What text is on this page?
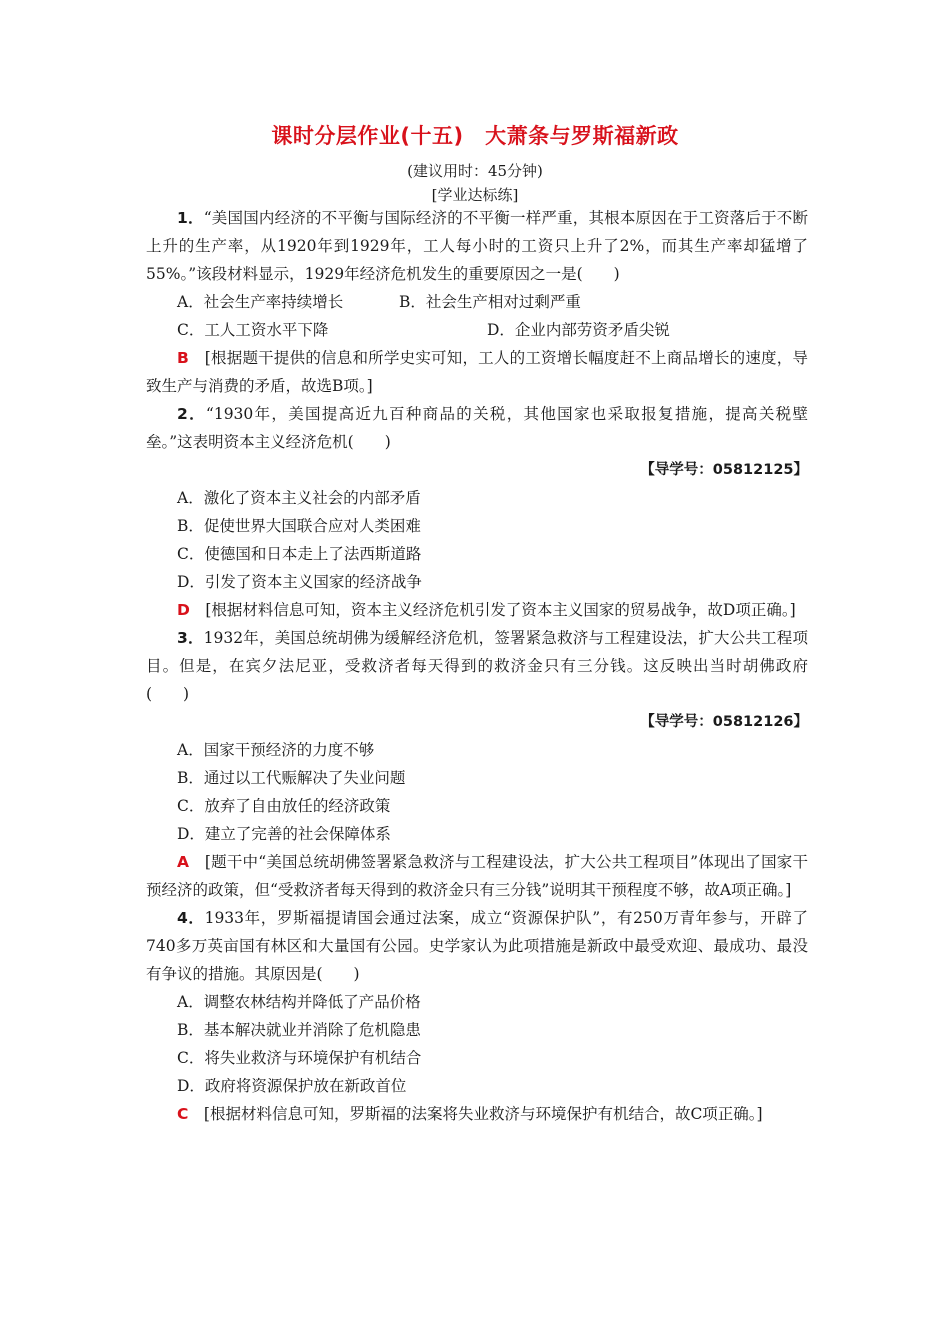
课时分层作业(十五)　大萧条与罗斯福新政
(建议用时：45分钟)
[学业达标练]

1．“美国国内经济的不平衡与国际经济的不平衡一样严重，其根本原因在于工资落后于不断上升的生产率，从1920年到1929年，工人每小时的工资只上升了2%，而其生产率却猛增了55%。”该段材料显示，1929年经济危机发生的重要原因之一是(　　)

A．社会生产率持续增长	B．社会生产相对过剩严重
C．工人工资水平下降	D．企业内部劳资矛盾尖锐

B　[根据题干提供的信息和所学史实可知，工人的工资增长幅度赶不上商品增长的速度，导致生产与消费的矛盾，故选B项。]

2．“1930年，美国提高近九百种商品的关税，其他国家也采取报复措施，提高关税壁垒。”这表明资本主义经济危机(　　)

【导学号：05812125】
A．激化了资本主义社会的内部矛盾
B．促使世界大国联合应对人类困难
C．使德国和日本走上了法西斯道路
D．引发了资本主义国家的经济战争

D　[根据材料信息可知，资本主义经济危机引发了资本主义国家的贸易战争，故D项正确。]

3．1932年，美国总统胡佛为缓解经济危机，签署紧急救济与工程建设法，扩大公共工程项目。但是，在宾夕法尼亚，受救济者每天得到的救济金只有三分钱。这反映出当时胡佛政府(　　)

【导学号：05812126】
A．国家干预经济的力度不够
B．通过以工代赈解决了失业问题
C．放弃了自由放任的经济政策
D．建立了完善的社会保障体系

A　[题干中“美国总统胡佛签署紧急救济与工程建设法，扩大公共工程项目”体现出了国家干预经济的政策，但“受救济者每天得到的救济金只有三分钱”说明其干预程度不够，故A项正确。]

4．1933年，罗斯福提请国会通过法案，成立“资源保护队”，有250万青年参与，开辟了740多万英亩国有林区和大量国有公园。史学家认为此项措施是新政中最受欢迎、最成功、最没有争议的措施。其原因是(　　)

A．调整农林结构并降低了产品价格
B．基本解决就业并消除了危机隐患
C．将失业救济与环境保护有机结合
D．政府将资源保护放在新政首位

C　[根据材料信息可知，罗斯福的法案将失业救济与环境保护有机结合，故C项正确。]
